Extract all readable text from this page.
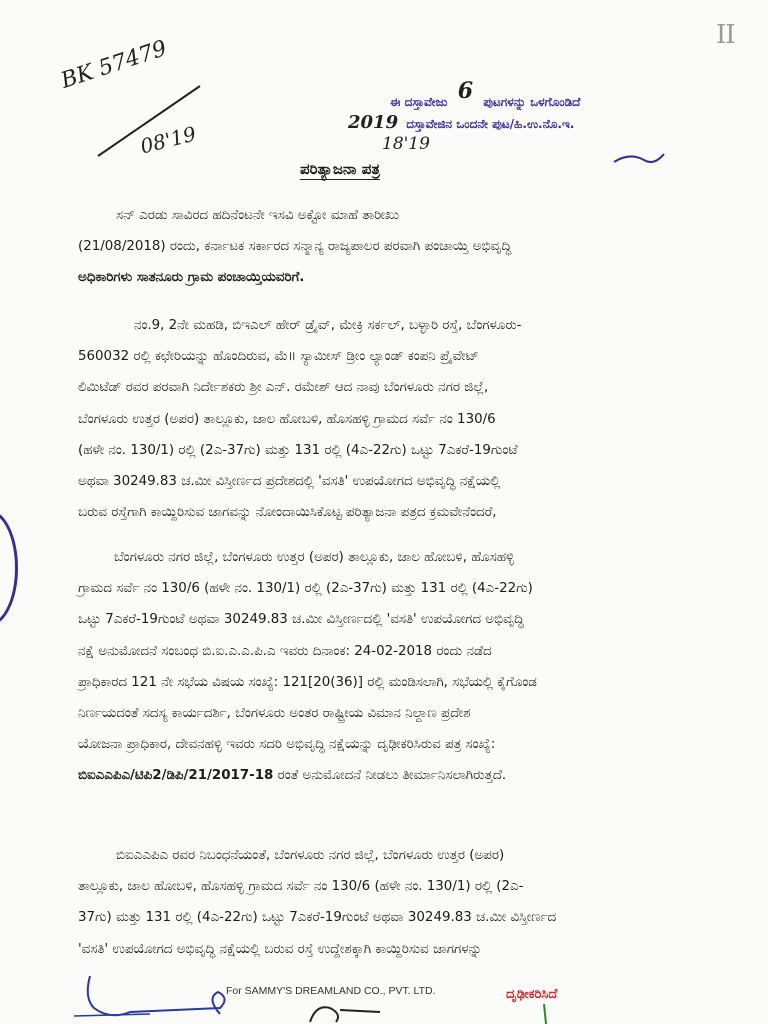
II
BK 57479
08'19
ಈ ದಸ್ತಾವೇಜು 6 ಪುಟಗಳನ್ನು ಒಳಗೊಂಡಿದೆ
2019 ದಸ್ತಾವೇಜಿನ ಒಂದನೇ ಪುಟ/ಹಿ.ಉ.ನೊ.ಇ.
18'19
ಪರಿತ್ಯಾಜನಾ ಪತ್ರ
ಸನ್ ಎರಡು ಸಾವಿರದ ಹದಿನೆಂಟನೇ ಇಸವಿ ಅಕ್ಟೋ ಮಾಹೆ ತಾರೀಖು
(21/08/2018) ರಂದು, ಕರ್ನಾಟಕ ಸರ್ಕಾರದ ಸನ್ಮಾನ್ಯ ರಾಜ್ಯಪಾಲರ ಪರವಾಗಿ ಪಂಚಾಯ್ತಿ ಅಭಿವೃದ್ಧಿ
ಅಧಿಕಾರಿಗಳು ಸಾತನೂರು ಗ್ರಾಮ ಪಂಚಾಯ್ತಿಯವರಿಗೆ.
ನಂ.9, 2ನೇ ಮಹಡಿ, ಬಿಇಎಲ್ ಹೇರ್ ಡ್ರೈವ್, ಮೇಕ್ರಿ ಸರ್ಕಲ್, ಬಳ್ಳಾರಿ ರಸ್ತೆ, ಬೆಂಗಳೂರು-
560032 ರಲ್ಲಿ ಕಛೇರಿಯನ್ನು ಹೊಂದಿರುವ, ಮೆ॥ ಸ್ಯಾಮೀಸ್ ಡ್ರೀಂ ಲ್ಯಾಂಡ್ ಕಂಪನಿ ಪ್ರೈವೇಟ್
ಲಿಮಿಟೆಡ್ ರವರ ಪರವಾಗಿ ನಿರ್ದೇಶಕರು ಶ್ರೀ ಎನ್. ರಮೇಶ್ ಆದ ನಾವು ಬೆಂಗಳೂರು ನಗರ ಜಿಲ್ಲೆ,
ಬೆಂಗಳೂರು ಉತ್ತರ (ಅಪರ) ತಾಲ್ಲೂಕು, ಜಾಲ ಹೋಬಳಿ, ಹೊಸಹಳ್ಳಿ ಗ್ರಾಮದ ಸರ್ವೆ ನಂ 130/6
(ಹಳೇ ನಂ. 130/1) ರಲ್ಲಿ (2ಎ-37ಗು) ಮತ್ತು 131 ರಲ್ಲಿ (4ಎ-22ಗು) ಒಟ್ಟು 7ಎಕರೆ-19ಗುಂಟೆ
ಅಥವಾ 30249.83 ಚ.ಮೀ ವಿಸ್ತೀರ್ಣದ ಪ್ರದೇಶದಲ್ಲಿ 'ವಸತಿ' ಉಪಯೋಗದ ಅಭಿವೃದ್ಧಿ ನಕ್ಷೆಯಲ್ಲಿ
ಬರುವ ರಸ್ತೆಗಾಗಿ ಕಾಯ್ದಿರಿಸುವ ಜಾಗವನ್ನು ನೋಂದಾಯಿಸಿಕೊಟ್ಟ ಪರಿತ್ಯಾಜನಾ ಪತ್ರದ ಕ್ರಮವೇನೆಂದರೆ,
ಬೆಂಗಳೂರು ನಗರ ಜಿಲ್ಲೆ, ಬೆಂಗಳೂರು ಉತ್ತರ (ಅಪರ) ತಾಲ್ಲೂಕು, ಜಾಲ ಹೋಬಳಿ, ಹೊಸಹಳ್ಳಿ
ಗ್ರಾಮದ ಸರ್ವೆ ನಂ 130/6 (ಹಳೇ ನಂ. 130/1) ರಲ್ಲಿ (2ಎ-37ಗು) ಮತ್ತು 131 ರಲ್ಲಿ (4ಎ-22ಗು)
ಒಟ್ಟು 7ಎಕರೆ-19ಗುಂಟೆ ಅಥವಾ 30249.83 ಚ.ಮೀ ವಿಸ್ತೀರ್ಣದಲ್ಲಿ 'ವಸತಿ' ಉಪಯೋಗದ ಅಭಿವೃದ್ಧಿ
ನಕ್ಷೆ ಅನುಮೋದನೆ ಸಂಬಂಧ ಬಿ.ಐ.ಎ.ಎ.ಪಿ.ಎ ಇವರು ದಿನಾಂಕ: 24-02-2018 ರಂದು ನಡೆದ
ಪ್ರಾಧಿಕಾರದ 121 ನೇ ಸಭೆಯ ವಿಷಯ ಸಂಖ್ಯೆ: 121[20(36)] ರಲ್ಲಿ ಮಂಡಿಸಲಾಗಿ, ಸಭೆಯಲ್ಲಿ ಕೈಗೊಂಡ
ನಿರ್ಣಯದಂತೆ ಸದಸ್ಯ ಕಾರ್ಯದರ್ಶಿ, ಬೆಂಗಳೂರು ಅಂತರ ರಾಷ್ಟ್ರೀಯ ವಿಮಾನ ನಿಲ್ದಾಣ ಪ್ರದೇಶ
ಯೋಜನಾ ಪ್ರಾಧಿಕಾರ, ದೇವನಹಳ್ಳಿ ಇವರು ಸದರಿ ಅಭಿವೃದ್ಧಿ ನಕ್ಷೆಯನ್ನು ದೃಢೀಕರಿಸಿರುವ ಪತ್ರ ಸಂಖ್ಯೆ:
ಬಿಐಎಎಪಿಎ/ಟಿಪಿ2/ಡಿಪಿ/21/2017-18 ರಂತೆ ಅನುಮೋದನೆ ನೀಡಲು ತೀರ್ಮಾನಿಸಲಾಗಿರುತ್ತದೆ.
ಬಿಐಎಎಪಿಎ ರವರ ನಿಬಂಧನೆಯಂತೆ, ಬೆಂಗಳೂರು ನಗರ ಜಿಲ್ಲೆ, ಬೆಂಗಳೂರು ಉತ್ತರ (ಅಪರ)
ತಾಲ್ಲೂಕು, ಜಾಲ ಹೋಬಳಿ, ಹೊಸಹಳ್ಳಿ ಗ್ರಾಮದ ಸರ್ವೆ ನಂ 130/6 (ಹಳೇ ನಂ. 130/1) ರಲ್ಲಿ (2ಎ-
37ಗು) ಮತ್ತು 131 ರಲ್ಲಿ (4ಎ-22ಗು) ಒಟ್ಟು 7ಎಕರೆ-19ಗುಂಟೆ ಅಥವಾ 30249.83 ಚ.ಮೀ ವಿಸ್ತೀರ್ಣದ
'ವಸತಿ' ಉಪಯೋಗದ ಅಭಿವೃದ್ಧಿ ನಕ್ಷೆಯಲ್ಲಿ ಬರುವ ರಸ್ತೆ ಉದ್ದೇಶಕ್ಕಾಗಿ ಕಾಯ್ದಿರಿಸುವ ಜಾಗಗಳನ್ನು
For SAMMY'S DREAMLAND CO., PVT. LTD.	ದೃಢೀಕರಿಸಿದೆ
